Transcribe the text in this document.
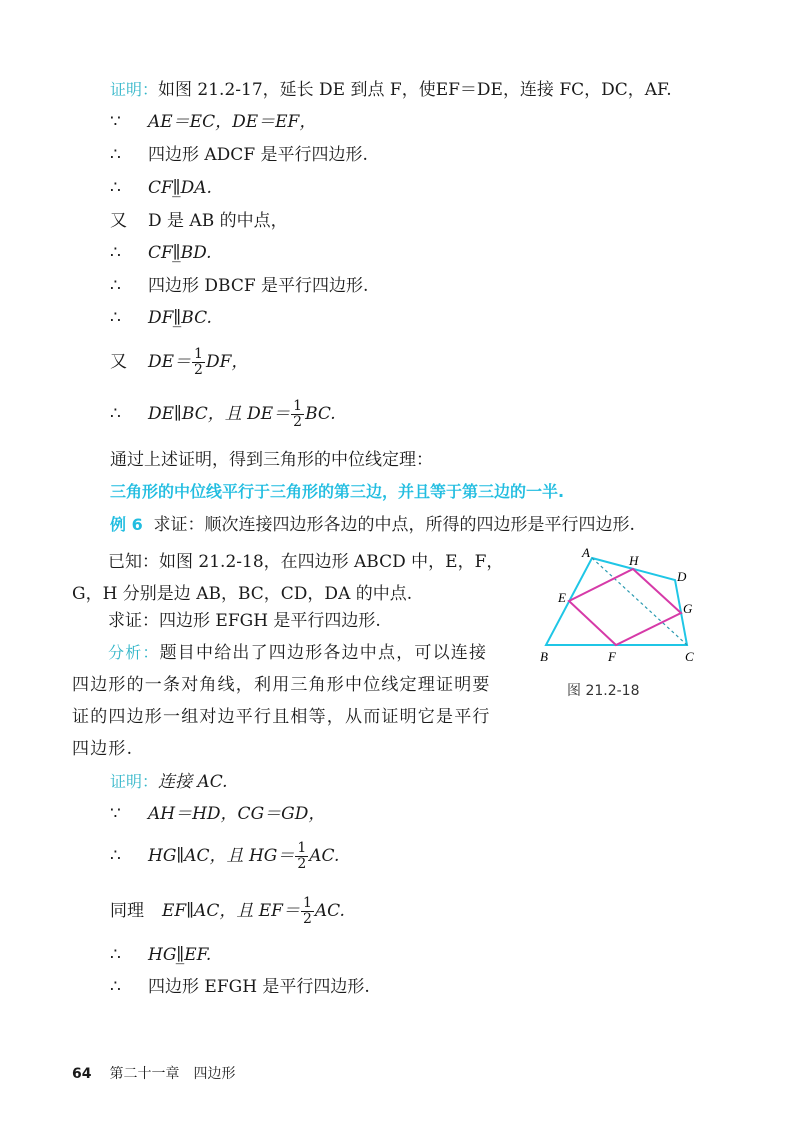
证明：如图 21.2-17，延长 DE 到点 F，使EF＝DE，连接 FC，DC，AF.
∵ AE＝EC，DE＝EF，
∴ 四边形 ADCF 是平行四边形.
∴ CF∥̲DA.
又 D 是 AB 的中点，
∴ CF∥̲BD.
∴ 四边形 DBCF 是平行四边形.
∴ DF∥̲BC.
又 $DE= \frac{1}{2}$ DF，
∴ DE∥BC，且 $DE= \frac{1}{2}$ BC.
通过上述证明，得到三角形的中位线定理：
三角形的中位线平行于三角形的第三边，并且等于第三边的一半.
例 6 求证：顺次连接四边形各边的中点，所得的四边形是平行四边形.
已知：如图 21.2-18，在四边形 ABCD 中，E，F，G，H 分别是边 AB，BC，CD，DA 的中点.
求证：四边形 EFGH 是平行四边形.
分析：题目中给出了四边形各边中点，可以连接四边形的一条对角线，利用三角形中位线定理证明要证的四边形一组对边平行且相等，从而证明它是平行四边形.
A
H
D
E
G
B	F	C
图 21.2-18
证明：连接 AC.
∵ AH＝HD，CG＝GD，
∴ HG∥AC，且 $HG= \frac{1}{2}$ AC.
同理 EF∥AC，且 $EF= \frac{1}{2}$ AC.
∴ HG∥̲EF.
∴ 四边形 EFGH 是平行四边形.
64 第二十一章　四边形
